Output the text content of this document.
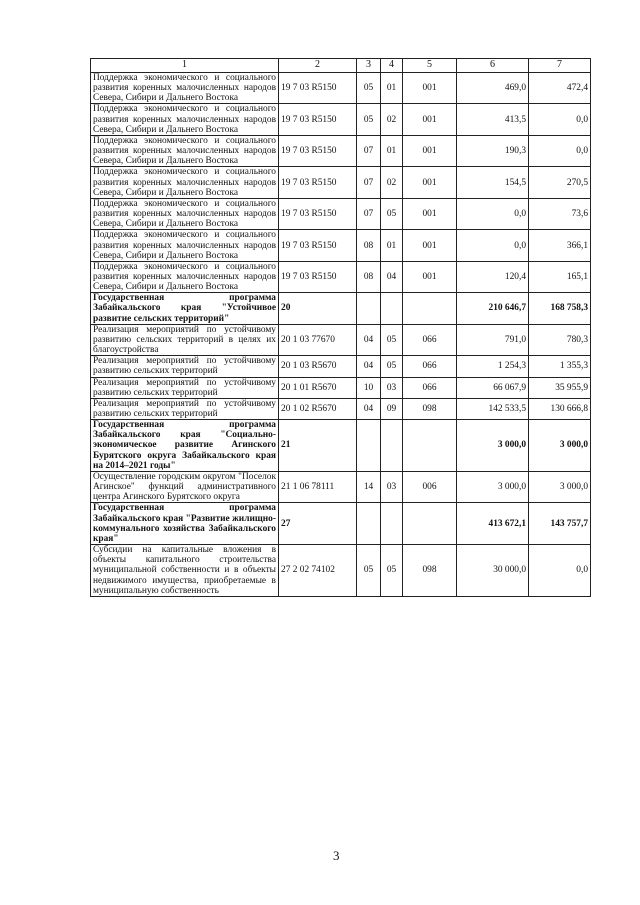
1	2	3	4	5	6	7
Поддержка экономического и социального развития коренных малочисленных народов Севера, Сибири и Дальнего Востока	19 7 03 R5150	05	01	001	469,0	472,4
Поддержка экономического и социального развития коренных малочисленных народов Севера, Сибири и Дальнего Востока	19 7 03 R5150	05	02	001	413,5	0,0
Поддержка экономического и социального развития коренных малочисленных народов Севера, Сибири и Дальнего Востока	19 7 03 R5150	07	01	001	190,3	0,0
Поддержка экономического и социального развития коренных малочисленных народов Севера, Сибири и Дальнего Востока	19 7 03 R5150	07	02	001	154,5	270,5
Поддержка экономического и социального развития коренных малочисленных народов Севера, Сибири и Дальнего Востока	19 7 03 R5150	07	05	001	0,0	73,6
Поддержка экономического и социального развития коренных малочисленных народов Севера, Сибири и Дальнего Востока	19 7 03 R5150	08	01	001	0,0	366,1
Поддержка экономического и социального развития коренных малочисленных народов Севера, Сибири и Дальнего Востока	19 7 03 R5150	08	04	001	120,4	165,1
Государственная программа Забайкальского края "Устойчивое развитие сельских территорий"	20				210 646,7	168 758,3
Реализация мероприятий по устойчивому развитию сельских территорий в целях их благоустройства	20 1 03 77670	04	05	066	791,0	780,3
Реализация мероприятий по устойчивому развитию сельских территорий	20 1 03 R5670	04	05	066	1 254,3	1 355,3
Реализация мероприятий по устойчивому развитию сельских территорий	20 1 01 R5670	10	03	066	66 067,9	35 955,9
Реализация мероприятий по устойчивому развитию сельских территорий	20 1 02 R5670	04	09	098	142 533,5	130 666,8
Государственная программа Забайкальского края "Социально-экономическое развитие Агинского Бурятского округа Забайкальского края на 2014–2021 годы"	21				3 000,0	3 000,0
Осуществление городским округом "Поселок Агинское" функций административного центра Агинского Бурятского округа	21 1 06 78111	14	03	006	3 000,0	3 000,0
Государственная программа Забайкальского края "Развитие жилищно-коммунального хозяйства Забайкальского края"	27				413 672,1	143 757,7
Субсидии на капитальные вложения в объекты капитального строительства муниципальной собственности и в объекты недвижимого имущества, приобретаемые в муниципальную собственность	27 2 02 74102	05	05	098	30 000,0	0,0
3
